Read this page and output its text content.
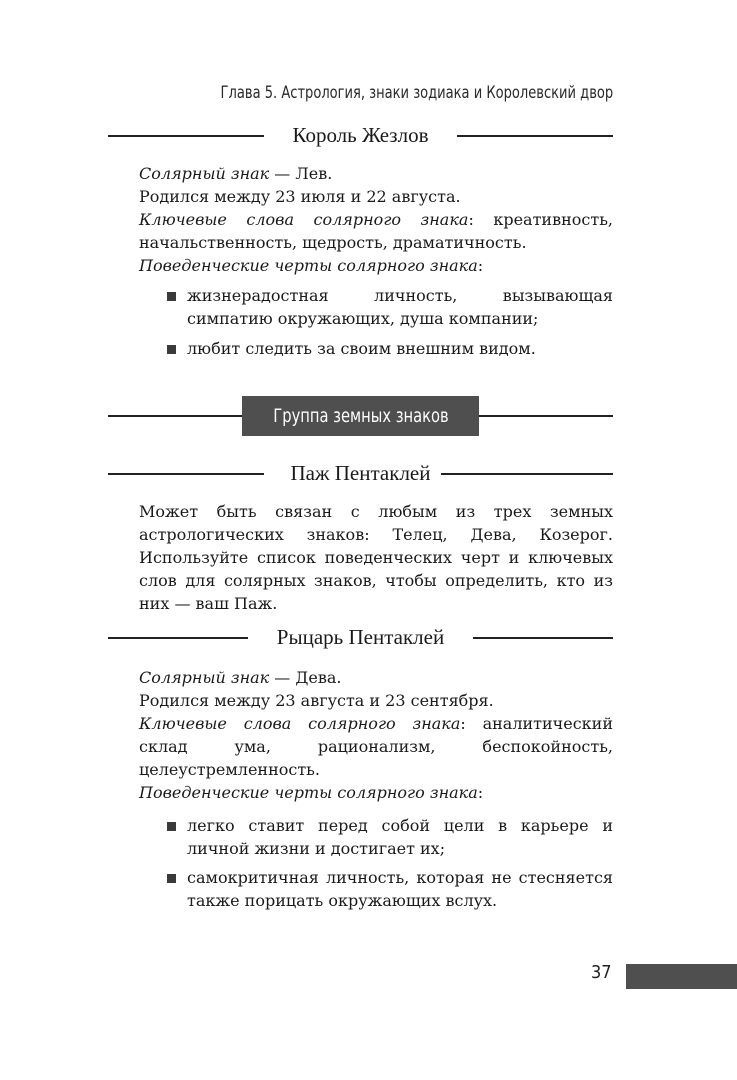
Глава 5. Астрология, знаки зодиака и Королевский двор
Король Жезлов

Солярный знак — Лев.

Родился между 23 июля и 22 августа.

Ключевые слова солярного знака: креативность, начальственность, щедрость, драматичность.

Поведенческие черты солярного знака:

жизнерадостная личность, вызывающая симпатию окружающих, душа компании;
любит следить за своим внешним видом.
Группа земных знаков
Паж Пентаклей

Может быть связан с любым из трех земных астрологических знаков: Телец, Дева, Козерог. Используйте список поведенческих черт и ключевых слов для солярных знаков, чтобы определить, кто из них — ваш Паж.

Рыцарь Пентаклей

Солярный знак — Дева.

Родился между 23 августа и 23 сентября.

Ключевые слова солярного знака: аналитический склад ума, рационализм, беспокойность, целеустремленность.

Поведенческие черты солярного знака:

легко ставит перед собой цели в карьере и личной жизни и достигает их;
самокритичная личность, которая не стесняется также порицать окружающих вслух.
37
